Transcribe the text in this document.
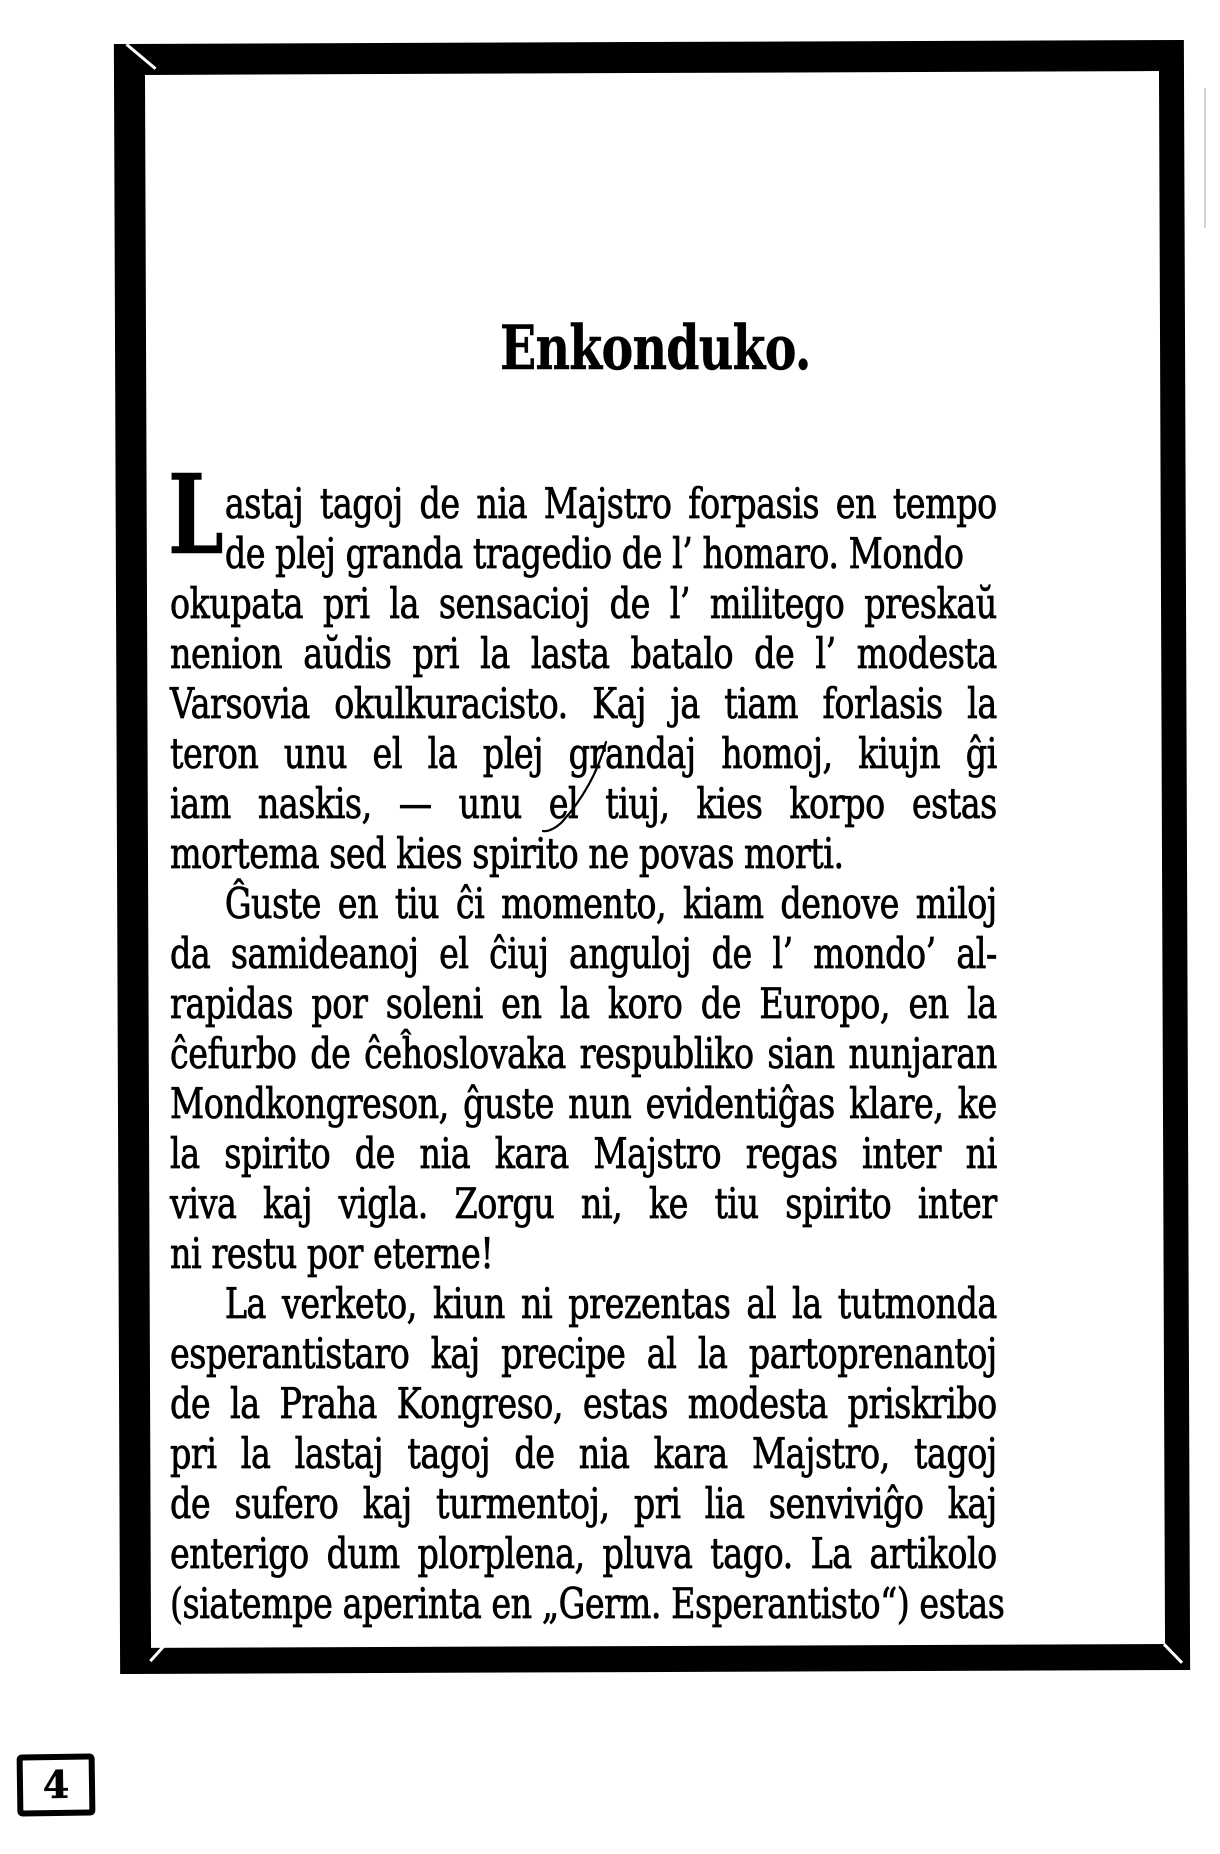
Enkonduko.
L astaj tagoj de nia Majstro forpasis en tempo
de plej granda tragedio de l’ homaro. Mondo
okupata pri la sensacioj de l’ militego preskaŭ
nenion aŭdis pri la lasta batalo de l’ modesta
Varsovia okulkuracisto. Kaj ja tiam forlasis la
teron unu el la plej grandaj homoj, kiujn ĝi
iam naskis, — unu el tiuj, kies korpo estas
mortema sed kies spirito ne povas morti.
Ĝuste en tiu ĉi momento, kiam denove miloj
da samideanoj el ĉiuj anguloj de l’ mondo’ al-
rapidas por soleni en la koro de Europo, en la
ĉefurbo de ĉeĥoslovaka respubliko sian nunjaran
Mondkongreson, ĝuste nun evidentiĝas klare, ke
la spirito de nia kara Majstro regas inter ni
viva kaj vigla. Zorgu ni, ke tiu spirito inter
ni restu por eterne!
La verketo, kiun ni prezentas al la tutmonda
esperantistaro kaj precipe al la partoprenantoj
de la Praha Kongreso, estas modesta priskribo
pri la lastaj tagoj de nia kara Majstro, tagoj
de sufero kaj turmentoj, pri lia senviviĝo kaj
enterigo dum plorplena, pluva tago. La artikolo
(siatempe aperinta en „Germ. Esperantisto“) estas
4
